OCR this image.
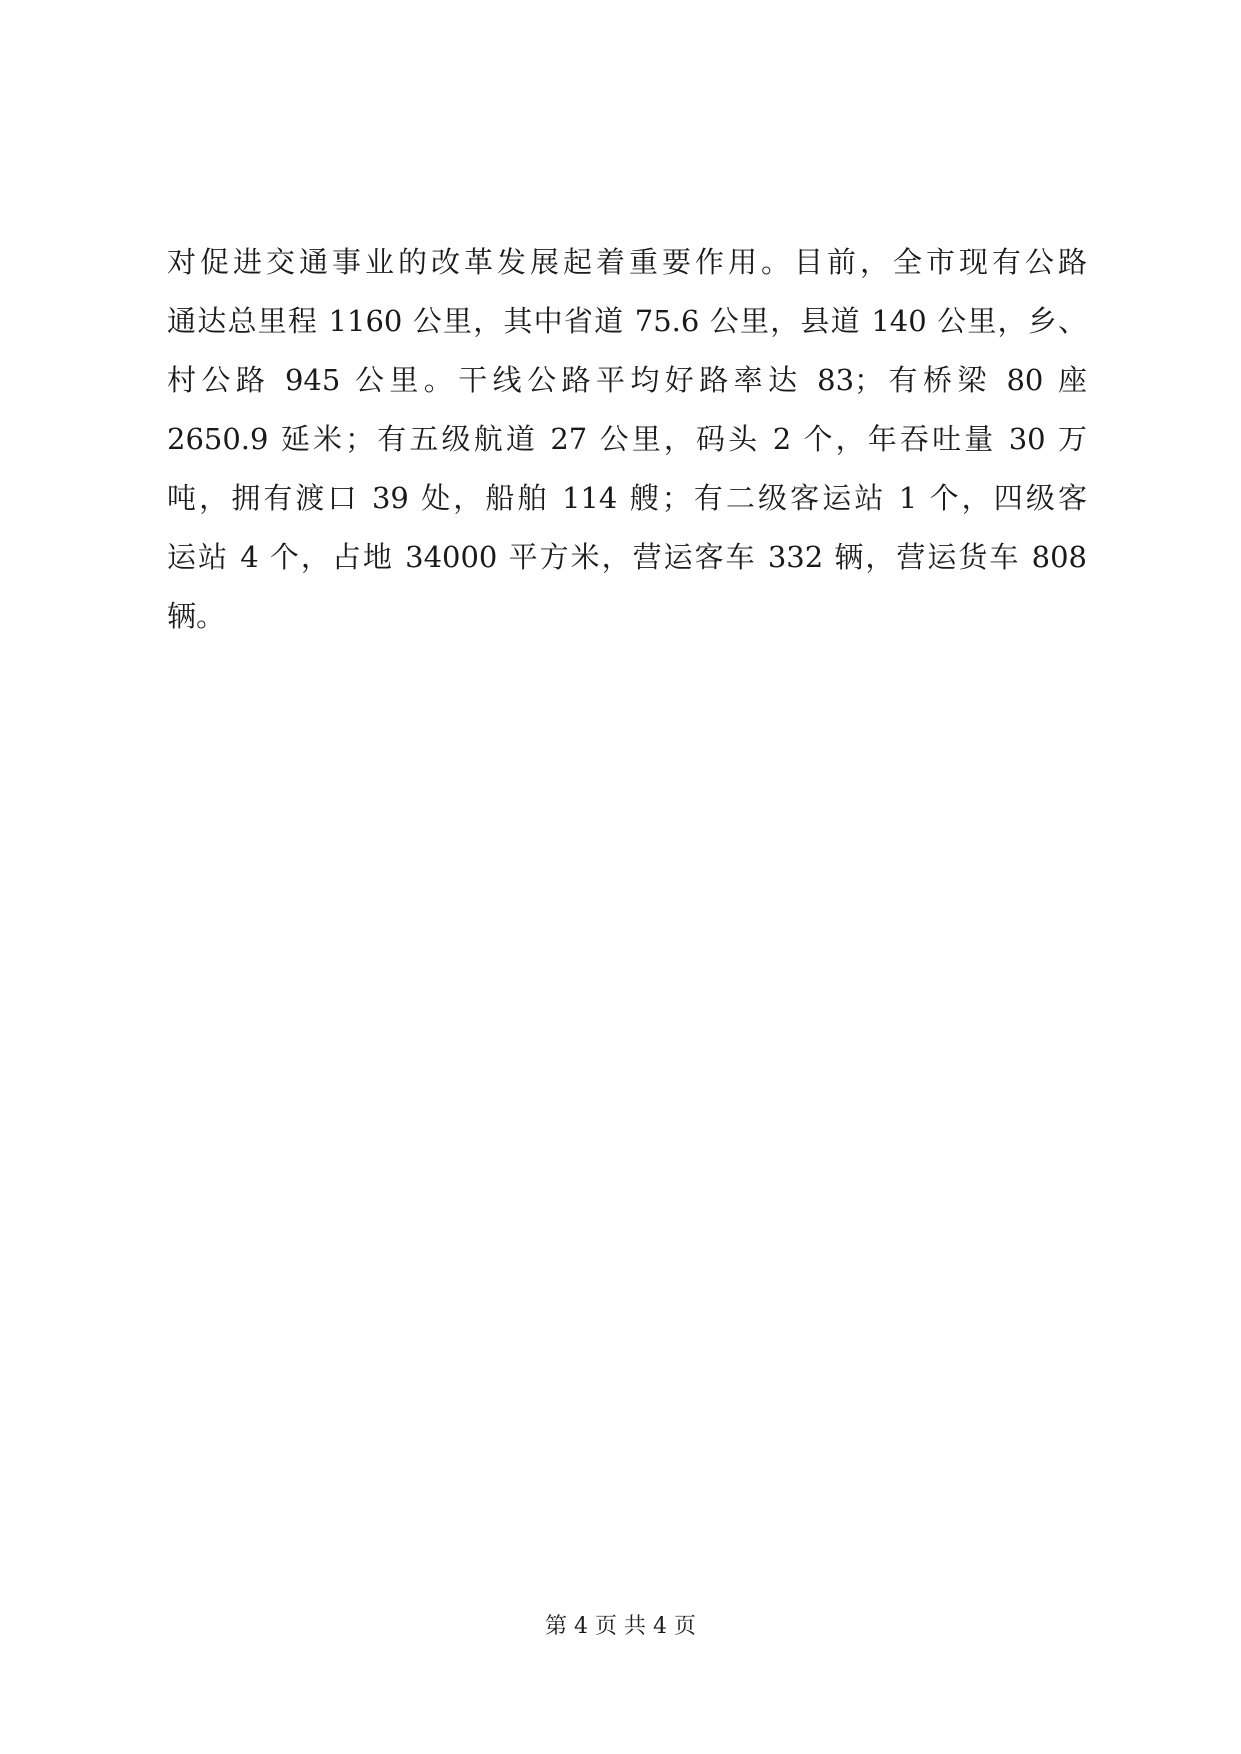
对促进交通事业的改革发展起着重要作用。目前，全市现有公路
通达总里程 1160 公里，其中省道 75.6 公里，县道 140 公里，乡、
村公路 945 公里。干线公路平均好路率达 83；有桥梁 80 座
2650.9 延米；有五级航道 27 公里，码头 2 个，年吞吐量 30 万
吨，拥有渡口 39 处，船舶 114 艘；有二级客运站 1 个，四级客
运站 4 个，占地 34000 平方米，营运客车 332 辆，营运货车 808
辆。
第 4 页 共 4 页
